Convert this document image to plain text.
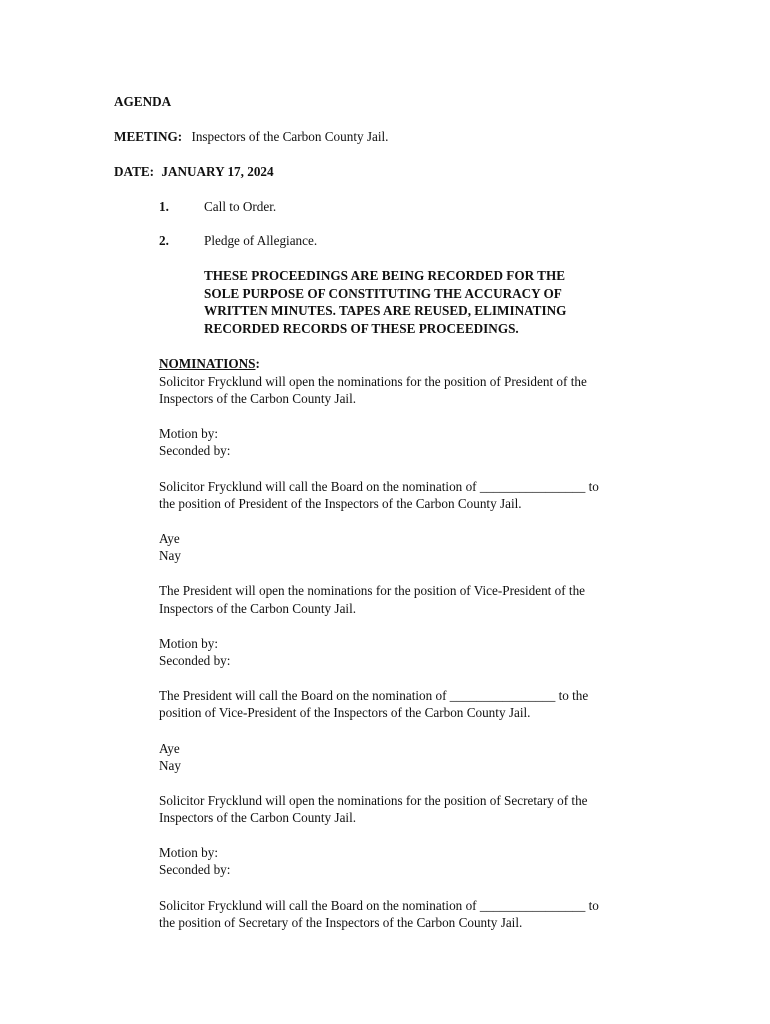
AGENDA
MEETING: Inspectors of the Carbon County Jail.
DATE: JANUARY 17, 2024
1.	Call to Order.
2.	Pledge of Allegiance.
THESE PROCEEDINGS ARE BEING RECORDED FOR THE
SOLE PURPOSE OF CONSTITUTING THE ACCURACY OF
WRITTEN MINUTES. TAPES ARE REUSED, ELIMINATING
RECORDED RECORDS OF THESE PROCEEDINGS.
NOMINATIONS:
Solicitor Frycklund will open the nominations for the position of President of the
Inspectors of the Carbon County Jail.
Motion by:
Seconded by:
Solicitor Frycklund will call the Board on the nomination of ________________ to
the position of President of the Inspectors of the Carbon County Jail.
Aye
Nay
The President will open the nominations for the position of Vice-President of the
Inspectors of the Carbon County Jail.
Motion by:
Seconded by:
The President will call the Board on the nomination of ________________ to the
position of Vice-President of the Inspectors of the Carbon County Jail.
Aye
Nay
Solicitor Frycklund will open the nominations for the position of Secretary of the
Inspectors of the Carbon County Jail.
Motion by:
Seconded by:
Solicitor Frycklund will call the Board on the nomination of ________________ to
the position of Secretary of the Inspectors of the Carbon County Jail.
